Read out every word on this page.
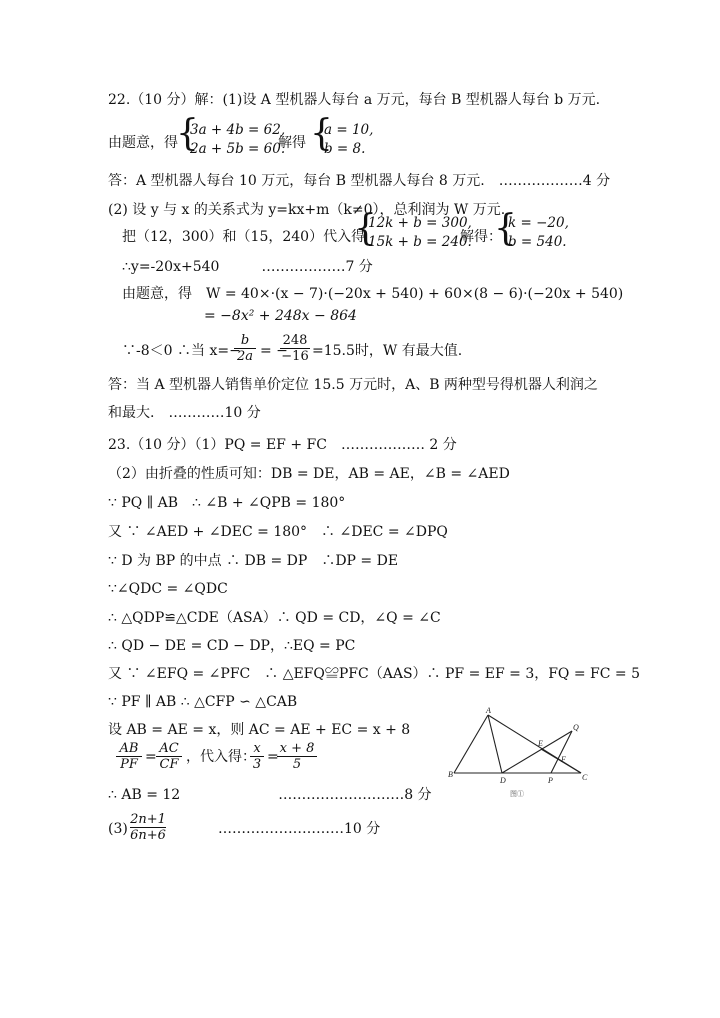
22.（10 分）解：(1)设 A 型机器人每台 a 万元，每台 B 型机器人每台 b 万元.
由题意，得
{
3a + 4b = 62,
2a + 5b = 60.
解得 {
a = 10,
b = 8.
答：A 型机器人每台 10 万元，每台 B 型机器人每台 8 万元.　………………4 分
(2) 设 y 与 x 的关系式为 y=kx+m（k≠0），总利润为 W 万元.
把（12，300）和（15，240）代入得
{
12k + b = 300,
15k + b = 240.
解得：
{
k = −20,
b = 540.
∴y=-20x+540　　　………………7 分
由题意，得　W = 40×·(x − 7)·(−20x + 540) + 60×(8 − 6)·(−20x + 540)
= −8x² + 248x − 864
∵-8＜0 ∴当 x=−
$\frac{b}{2a}$ = −
$\frac{248}{-16} =15.5$时，W 有最大值.
答：当 A 型机器人销售单价定位 15.5 万元时，A、B 两种型号得机器人利润之
和最大.　…………10 分
23.（10 分）（1）PQ = EF + FC　……………… 2 分
（2）由折叠的性质可知：DB = DE，AB = AE，∠B = ∠AED
∵ PQ ∥ AB　∴ ∠B + ∠QPB = 180°
又 ∵ ∠AED + ∠DEC = 180°　∴ ∠DEC = ∠DPQ
∵ D 为 BP 的中点 ∴ DB = DP　∴DP = DE
∵∠QDC = ∠QDC
∴ △QDP≌△CDE（ASA）∴ QD = CD，∠Q = ∠C
∴ QD − DE = CD − DP，∴EQ = PC
又 ∵ ∠EFQ = ∠PFC　∴ △EFQ≌PFC（AAS）∴ PF = EF = 3，FQ = FC = 5
∵ PF ∥ AB ∴ △CFP ∽ △CAB
设 AB = AE = x，则 AC = AE + EC = x + 8
$\frac{AB}{PF} = \frac{AC}{CF}$ ，代入得：
$\frac{x}{3}$ =
$\frac{x + 8}{5}$
∴ AB = 12　　　　　　　………………………8 分
$(3) \frac{2n+1}{6n+6}$	………………………10 分
A
B
D	P	C
E
F
Q
图①
